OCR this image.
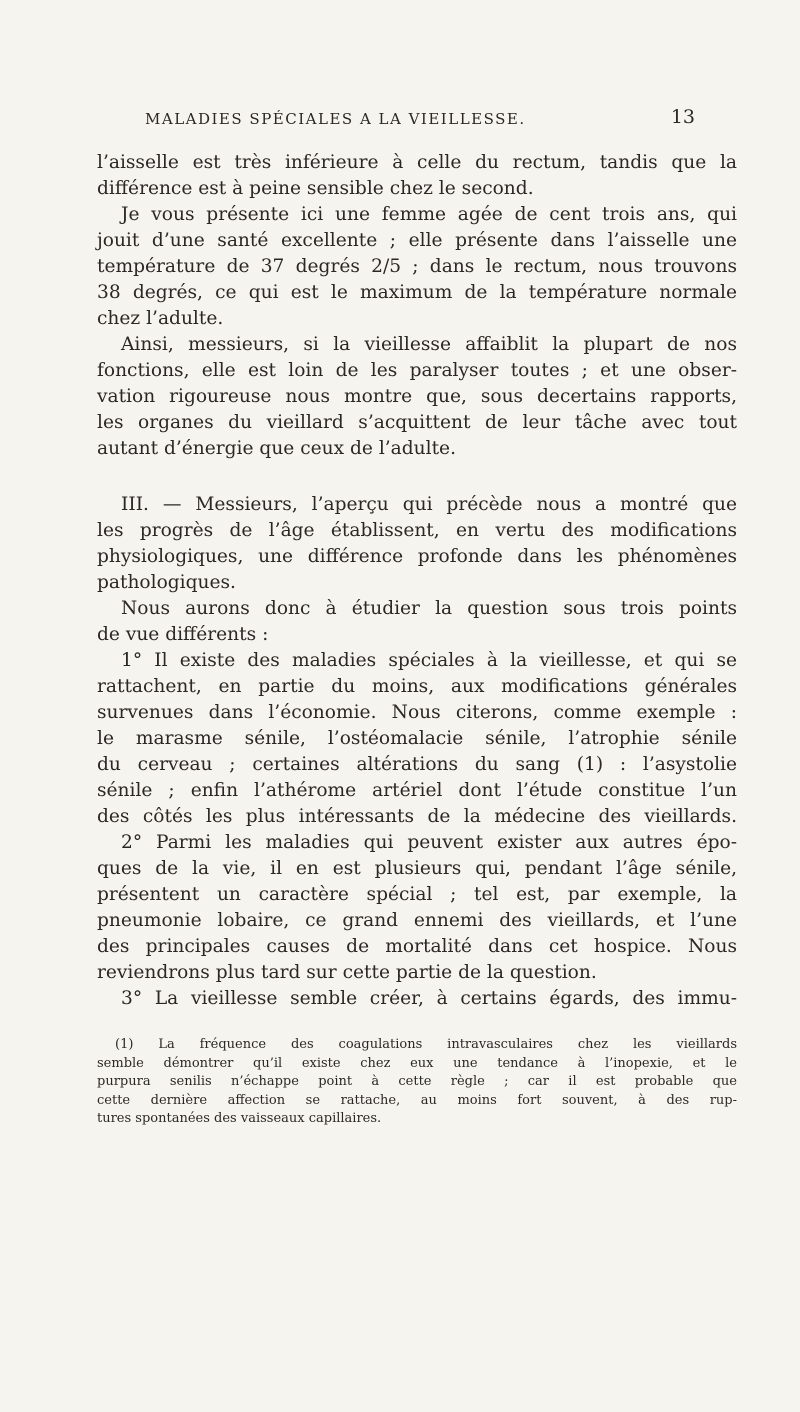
MALADIES SPÉCIALES A LA VIEILLESSE.	13
l’aisselle est très inférieure à celle du rectum, tandis que la
différence est à peine sensible chez le second.
Je vous présente ici une femme agée de cent trois ans, qui
jouit d’une santé excellente ; elle présente dans l’aisselle une
température de 37 degrés 2/5 ; dans le rectum, nous trouvons
38 degrés, ce qui est le maximum de la température normale
chez l’adulte.
Ainsi, messieurs, si la vieillesse affaiblit la plupart de nos
fonctions, elle est loin de les paralyser toutes ; et une obser-
vation rigoureuse nous montre que, sous decertains rapports,
les organes du vieillard s’acquittent de leur tâche avec tout
autant d’énergie que ceux de l’adulte.
III. — Messieurs, l’aperçu qui précède nous a montré que
les progrès de l’âge établissent, en vertu des modifications
physiologiques, une différence profonde dans les phénomènes
pathologiques.
Nous aurons donc à étudier la question sous trois points
de vue différents :
1° Il existe des maladies spéciales à la vieillesse, et qui se
rattachent, en partie du moins, aux modifications générales
survenues dans l’économie. Nous citerons, comme exemple :
le marasme sénile, l’ostéomalacie sénile, l’atrophie sénile
du cerveau ; certaines altérations du sang (1) : l’asystolie
sénile ; enfin l’athérome artériel dont l’étude constitue l’un
des côtés les plus intéressants de la médecine des vieillards.
2° Parmi les maladies qui peuvent exister aux autres épo-
ques de la vie, il en est plusieurs qui, pendant l’âge sénile,
présentent un caractère spécial ; tel est, par exemple, la
pneumonie lobaire, ce grand ennemi des vieillards, et l’une
des principales causes de mortalité dans cet hospice. Nous
reviendrons plus tard sur cette partie de la question.
3° La vieillesse semble créer, à certains égards, des immu-
(1) La fréquence des coagulations intravasculaires chez les vieillards
semble démontrer qu’il existe chez eux une tendance à l’inopexie, et le
purpura senilis n’échappe point à cette règle ; car il est probable que
cette dernière affection se rattache, au moins fort souvent, à des rup-
tures spontanées des vaisseaux capillaires.
